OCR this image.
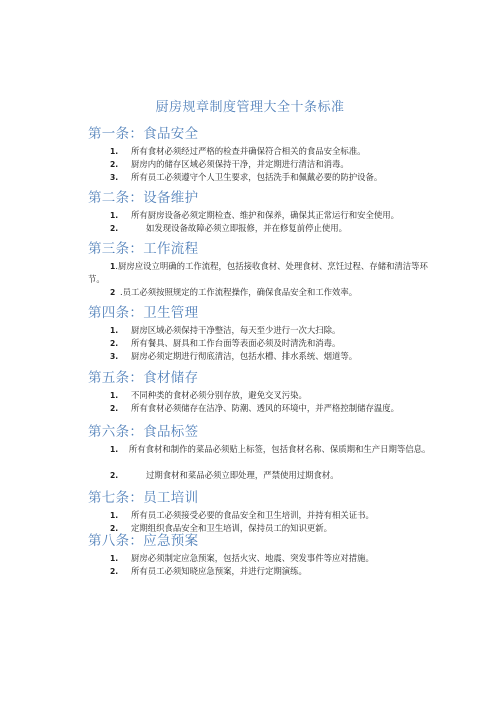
厨房规章制度管理大全十条标准
第一条：食品安全
1. 所有食材必须经过严格的检查并确保符合相关的食品安全标准。
2. 厨房内的储存区域必须保持干净，并定期进行清洁和消毒。
3. 所有员工必须遵守个人卫生要求，包括洗手和佩戴必要的防护设备。
第二条：设备维护
1. 所有厨房设备必须定期检查、维护和保养，确保其正常运行和安全使用。
2.	如发现设备故障必须立即报修，并在修复前停止使用。
第三条：工作流程
1.厨房应设立明确的工作流程，包括接收食材、处理食材、烹饪过程、存储和清洁等环节。
2 .员工必须按照规定的工作流程操作，确保食品安全和工作效率。
第四条：卫生管理
1. 厨房区域必须保持干净整洁，每天至少进行一次大扫除。
2. 所有餐具、厨具和工作台面等表面必须及时清洗和消毒。
3. 厨房必须定期进行彻底清洁，包括水槽、排水系统、烟道等。
第五条：食材储存
1. 不同种类的食材必须分别存放，避免交叉污染。
2. 所有食材必须储存在洁净、防潮、透风的环境中，并严格控制储存温度。
第六条：食品标签
1. 所有食材和制作的菜品必须贴上标签，包括食材名称、保质期和生产日期等信息。
2.	过期食材和菜品必须立即处理，严禁使用过期食材。
第七条：员工培训
1. 所有员工必须接受必要的食品安全和卫生培训，并持有相关证书。
2. 定期组织食品安全和卫生培训，保持员工的知识更新。
第八条：应急预案
1. 厨房必须制定应急预案，包括火灾、地震、突发事件等应对措施。
2. 所有员工必须知晓应急预案，并进行定期演练。
